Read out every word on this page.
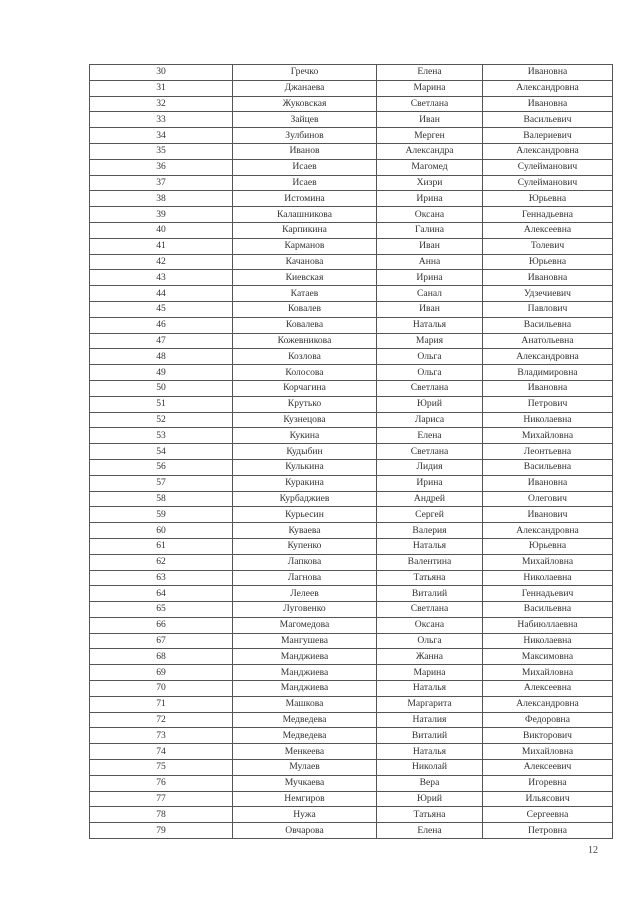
30	Гречко	Елена	Ивановна
31	Джанаева	Марина	Александровна
32	Жуковская	Светлана	Ивановна
33	Зайцев	Иван	Васильевич
34	Зулбинов	Мерген	Валериевич
35	Иванов	Александра	Александровна
36	Исаев	Магомед	Сулейманович
37	Исаев	Хизри	Сулейманович
38	Истомина	Ирина	Юрьевна
39	Калашникова	Оксана	Геннадьевна
40	Карпикина	Галина	Алексеевна
41	Карманов	Иван	Толевич
42	Качанова	Анна	Юрьевна
43	Киевская	Ирина	Ивановна
44	Катаев	Санал	Удзечиевич
45	Ковалев	Иван	Павлович
46	Ковалева	Наталья	Васильевна
47	Кожевникова	Мария	Анатольевна
48	Козлова	Ольга	Александровна
49	Колосова	Ольга	Владимировна
50	Корчагина	Светлана	Ивановна
51	Крутько	Юрий	Петрович
52	Кузнецова	Лариса	Николаевна
53	Кукина	Елена	Михайловна
54	Кудыбин	Светлана	Леонтьевна
56	Кулькина	Лидия	Васильевна
57	Куракина	Ирина	Ивановна
58	Курбаджиев	Андрей	Олегович
59	Курьесин	Сергей	Иванович
60	Куваева	Валерия	Александровна
61	Купенко	Наталья	Юрьевна
62	Лапкова	Валентина	Михайловна
63	Лагнова	Татьяна	Николаевна
64	Лелеев	Виталий	Геннадьевич
65	Луговенко	Светлана	Васильевна
66	Магомедова	Оксана	Набиюллаевна
67	Мангушева	Ольга	Николаевна
68	Манджиева	Жанна	Максимовна
69	Манджиева	Марина	Михайловна
70	Манджиева	Наталья	Алексеевна
71	Машкова	Маргарита	Александровна
72	Медведева	Наталия	Федоровна
73	Медведева	Виталий	Викторович
74	Менкеева	Наталья	Михайловна
75	Мулаев	Николай	Алексеевич
76	Мучкаева	Вера	Игоревна
77	Немгиров	Юрий	Ильясович
78	Нужа	Татьяна	Сергеевна
79	Овчарова	Елена	Петровна
12
